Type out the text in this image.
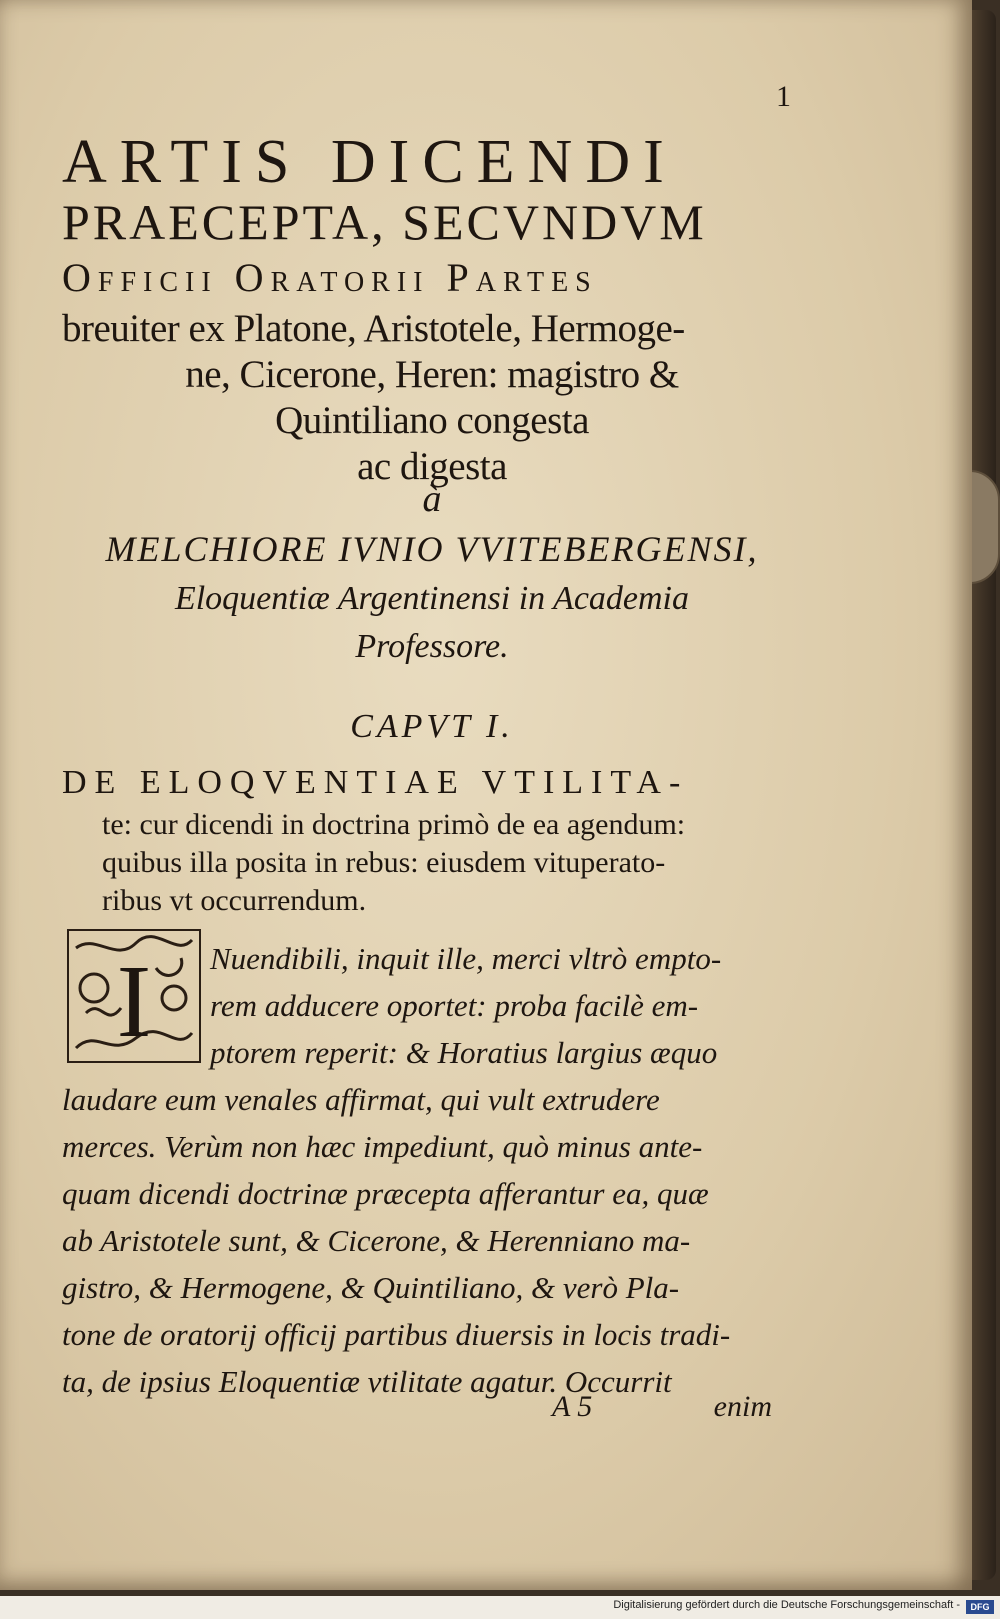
1
ARTIS DICENDI
PRAECEPTA, SECVNDVM
Officii Oratorii Partes
breuiter ex Platone, Aristotele, Hermoge-
ne, Cicerone, Heren: magistro &
Quintiliano congesta
ac digesta
à
MELCHIORE IVNIO VVITEBERGENSI,
Eloquentiæ Argentinensi in Academia
Professore.
CAPVT I.
DE ELOQVENTIAE VTILITA-
te: cur dicendi in doctrina primò de ea agendum:
quibus illa posita in rebus: eiusdem vituperato-
ribus vt occurrendum.
I	Nuendibili, inquit ille, merci vltrò empto-
rem adducere oportet: proba facilè em-
ptorem reperit: & Horatius largius æquo
laudare eum venales affirmat, qui vult extrudere
merces. Verùm non hæc impediunt, quò minus ante-
quam dicendi doctrinæ præcepta afferantur ea, quæ
ab Aristotele sunt, & Cicerone, & Herenniano ma-
gistro, & Hermogene, & Quintiliano, & verò Pla-
tone de oratorij officij partibus diuersis in locis tradi-
ta, de ipsius Eloquentiæ vtilitate agatur. Occurrit
A 5	enim
Digitalisierung gefördert durch die Deutsche Forschungsgemeinschaft -	DFG
